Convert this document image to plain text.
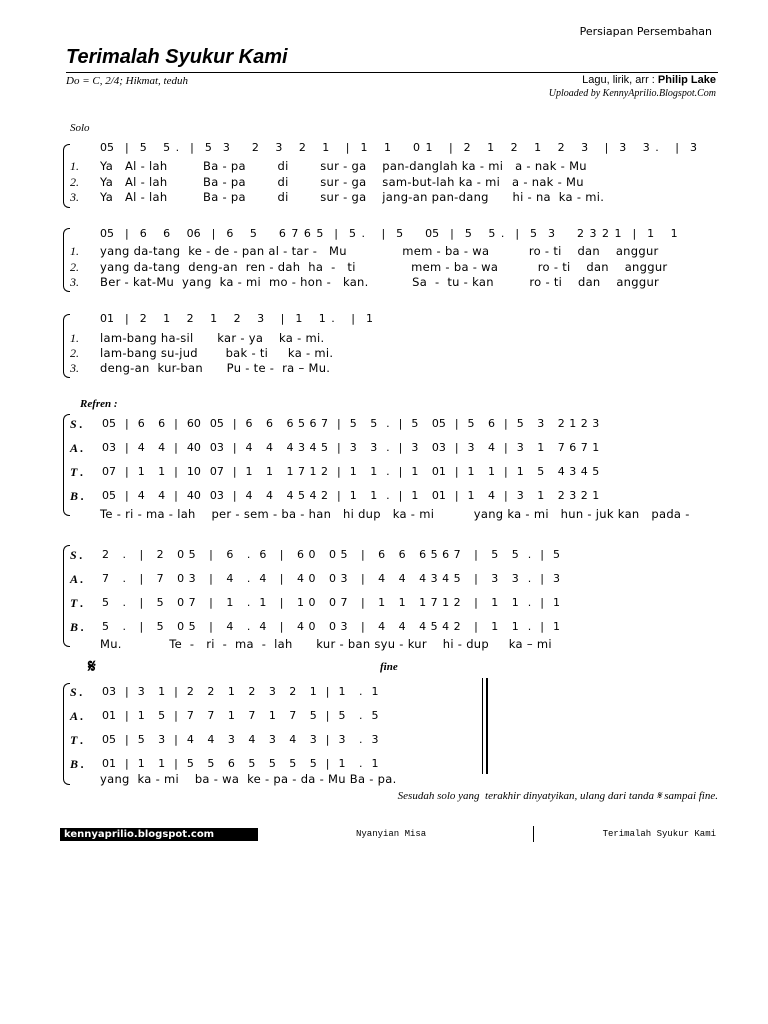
Persiapan Persembahan
Terimalah Syukur Kami
Do = C, 2/4; Hikmat, teduh	Lagu, lirik, arr : Philip Lake
Uploaded by KennyAprilio.Blogspot.Com
Solo
05  |  5   5 .  |  5  3    2   3   2   1   |  1   1    0 1   |  2   1   2   1   2   3   |  3   3 .   |  3
1. Ya   Al - lah         Ba - pa        di        sur - ga    pan-danglah ka - mi   a - nak - Mu
2. Ya   Al - lah         Ba - pa        di        sur - ga    sam-but-lah ka - mi   a - nak - Mu
3. Ya   Al - lah         Ba - pa        di        sur - ga    jang-an pan-dang      hi - na  ka - mi.
05  |  6   6   06  |  6   5    6 7 6 5  |  5 .   |  5    05  |  5   5 .  |  5  3    2 3 2 1  |  1   1
1. yang da-tang  ke - de - pan al - tar -   Mu              mem - ba - wa          ro - ti    dan    anggur
2. yang da-tang  deng-an  ren - dah  ha  -   ti              mem - ba - wa          ro - ti    dan    anggur
3. Ber - kat-Mu  yang  ka - mi  mo - hon -   kan.           Sa  -  tu - kan         ro - ti    dan    anggur
01  |  2   1   2   1   2   3   |  1   1 .   |  1
1. lam-bang ha-sil      kar - ya    ka - mi.
2. lam-bang su-jud       bak - ti     ka - mi.
3. deng-an  kur-ban      Pu - te -  ra – Mu.
Refren :
S . 05  |  6   6  |  60  05  |  6   6   6 5 6 7  |  5   5  .  |  5   05  |  5   6  |  5   3   2 1 2 3
A . 03  |  4   4  |  40  03  |  4   4   4 3 4 5  |  3   3  .  |  3   03  |  3   4  |  3   1   7 6 7 1
T . 07  |  1   1  |  10  07  |  1   1   1 7 1 2  |  1   1  .  |  1   01  |  1   1  |  1   5   4 3 4 5
B . 05  |  4   4  |  40  03  |  4   4   4 5 4 2  |  1   1  .  |  1   01  |  1   4  |  3   1   2 3 2 1
Te - ri - ma - lah    per - sem - ba - han   hi dup   ka - mi          yang ka - mi   hun - juk kan   pada -
S . 2   .   |   2   0 5   |   6   .  6   |   6 0   0 5   |   6   6   6 5 6 7   |   5   5  .  |  5
A . 7   .   |   7   0 3   |   4   .  4   |   4 0   0 3   |   4   4   4 3 4 5   |   3   3  .  |  3
T . 5   .   |   5   0 7   |   1   .  1   |   1 0   0 7   |   1   1   1 7 1 2   |   1   1  .  |  1
B . 5   .   |   5   0 5   |   4   .  4   |   4 0   0 3   |   4   4   4 5 4 2   |   1   1  .  |  1
Mu.            Te  -   ri  -  ma  -  lah      kur - ban syu - kur    hi - dup     ka – mi
𝄋	fine
S . 03  |  3   1  |  2   2   1   2   3   2   1  |  1   .  1
A . 01  |  1   5  |  7   7   1   7   1   7   5  |  5   .  5
T . 05  |  5   3  |  4   4   3   4   3   4   3  |  3   .  3
B . 01  |  1   1  |  5   5   6   5   5   5   5  |  1   .  1
yang  ka - mi    ba - wa  ke - pa - da - Mu Ba - pa.
Sesudah solo yang  terakhir dinyatyikan, ulang dari tanda 𝄋 sampai fine.
kennyaprilio.blogspot.com	Nyanyian Misa	Terimalah Syukur Kami
